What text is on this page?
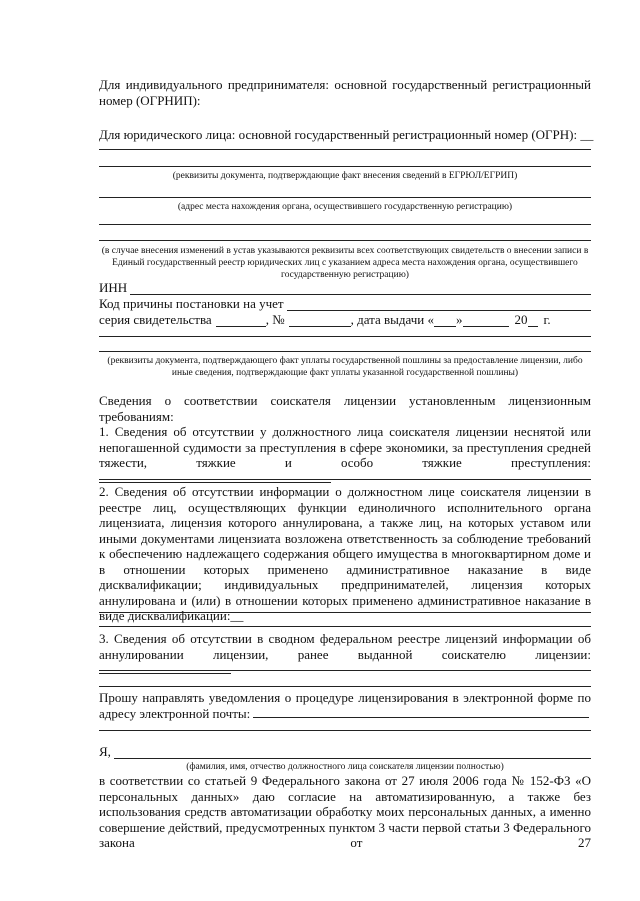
Для индивидуального предпринимателя: основной государственный регистрационный номер (ОГРНИП):

Для юридического лица: основной государственный регистрационный номер (ОГРН): __

(реквизиты документа, подтверждающие факт внесения сведений в ЕГРЮЛ/ЕГРИП)

(адрес места нахождения органа, осуществившего государственную регистрацию)

(в случае внесения изменений в устав указываются реквизиты всех соответствующих свидетельств о внесении записи в Единый государственный реестр юридических лиц с указанием адреса места нахождения органа, осуществившего государственную регистрацию)

ИНН
Код причины постановки на учет
серия свидетельства	, №	, дата выдачи « »	20 г.

(реквизиты документа, подтверждающего факт уплаты государственной пошлины за предоставление лицензии, либо иные сведения, подтверждающие факт уплаты указанной государственной пошлины)

Сведения о соответствии соискателя лицензии установленным лицензионным требованиям:

1. Сведения об отсутствии у должностного лица соискателя лицензии неснятой или непогашенной судимости за преступления в сфере экономики, за преступления средней тяжести, тяжкие и особо тяжкие преступления:

2. Сведения об отсутствии информации о должностном лице соискателя лицензии в реестре лиц, осуществляющих функции единоличного исполнительного органа лицензиата, лицензия которого аннулирована, а также лиц, на которых уставом или иными документами лицензиата возложена ответственность за соблюдение требований к обеспечению надлежащего содержания общего имущества в многоквартирном доме и в отношении которых применено административное наказание в виде дисквалификации; индивидуальных предпринимателей, лицензия которых аннулирована и (или) в отношении которых применено административное наказание в виде дисквалификации:__

3. Сведения об отсутствии в сводном федеральном реестре лицензий информации об аннулировании лицензии, ранее выданной соискателю лицензии:

Прошу направлять уведомления о процедуре лицензирования в электронной форме по адресу электронной почты:

Я,

(фамилия, имя, отчество должностного лица соискателя лицензии полностью)

в соответствии со статьей 9 Федерального закона от 27 июля 2006 года № 152-ФЗ «О персональных данных» даю согласие на автоматизированную, а также без использования средств автоматизации обработку моих персональных данных, а именно совершение действий, предусмотренных пунктом 3 части первой статьи 3 Федерального закона от 27
